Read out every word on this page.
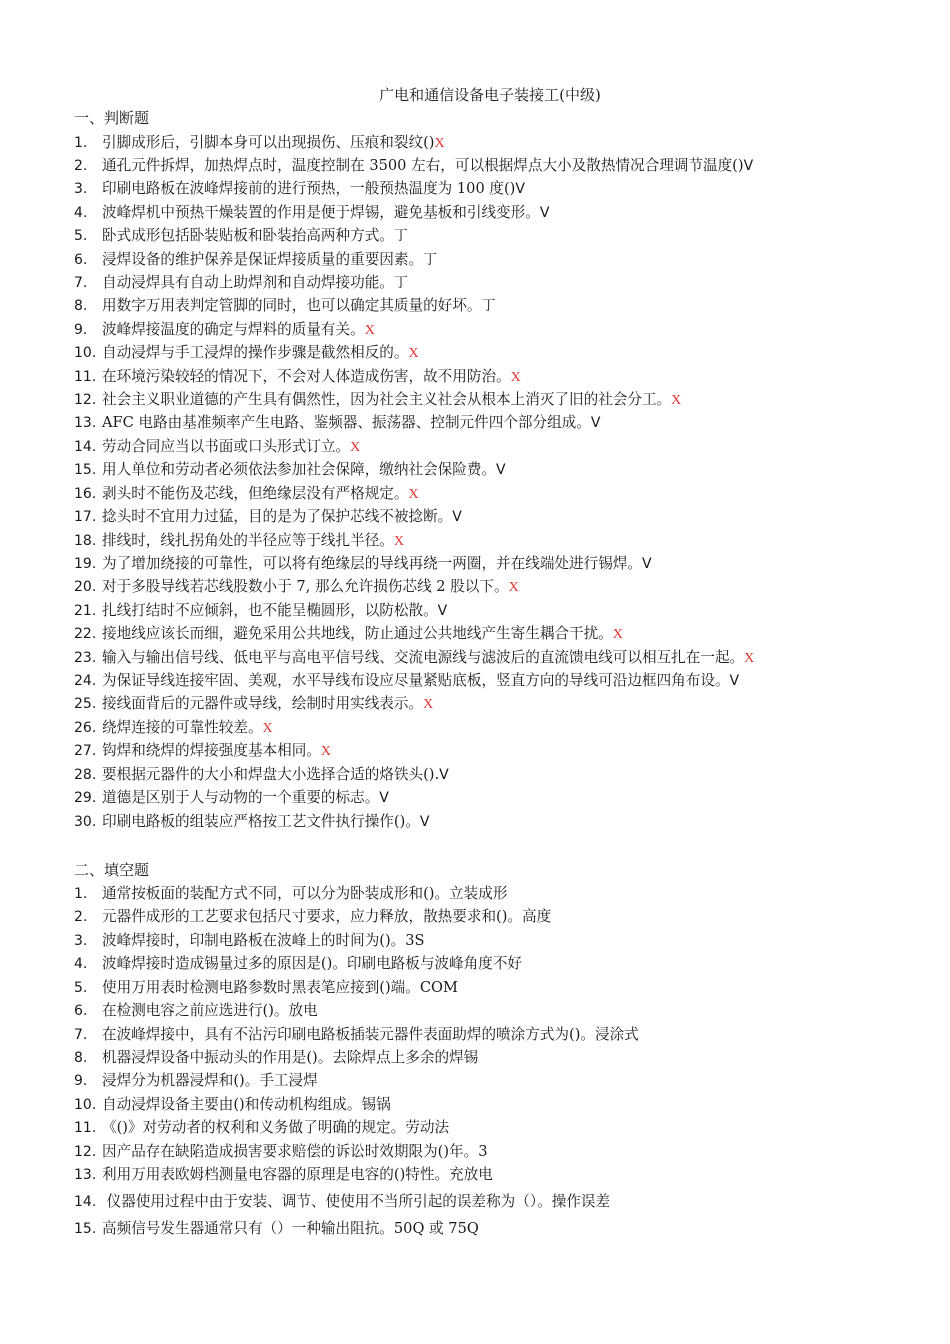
广电和通信设备电子装接工(中级)
一、判断题
1. 引脚成形后，引脚本身可以出现损伤、压痕和裂纹()X
2. 通孔元件拆焊，加热焊点时，温度控制在 3500 左右，可以根据焊点大小及散热情况合理调节温度()V
3. 印刷电路板在波峰焊接前的进行预热，一般预热温度为 100 度()V
4. 波峰焊机中预热干燥装置的作用是便于焊锡，避免基板和引线变形。V
5. 卧式成形包括卧装贴板和卧装抬高两种方式。丁
6. 浸焊设备的维护保养是保证焊接质量的重要因素。丁
7. 自动浸焊具有自动上助焊剂和自动焊接功能。丁
8. 用数字万用表判定管脚的同时，也可以确定其质量的好坏。丁
9. 波峰焊接温度的确定与焊料的质量有关。X
10. 自动浸焊与手工浸焊的操作步骤是截然相反的。X
11. 在环境污染较轻的情况下，不会对人体造成伤害，故不用防治。X
12. 社会主义职业道德的产生具有偶然性，因为社会主义社会从根本上消灭了旧的社会分工。X
13. AFC 电路由基准频率产生电路、鉴频器、振荡器、控制元件四个部分组成。V
14. 劳动合同应当以书面或口头形式订立。X
15. 用人单位和劳动者必须依法参加社会保障，缴纳社会保险费。V
16. 剥头时不能伤及芯线，但绝缘层没有严格规定。X
17. 捻头时不宜用力过猛，目的是为了保护芯线不被捻断。V
18. 排线时，线扎拐角处的半径应等于线扎半径。X
19. 为了增加绕接的可靠性，可以将有绝缘层的导线再绕一两圈，并在线端处进行锡焊。V
20. 对于多股导线若芯线股数小于 7, 那么允许损伤芯线 2 股以下。X
21. 扎线打结时不应倾斜，也不能呈椭圆形，以防松散。V
22. 接地线应该长而细，避免采用公共地线，防止通过公共地线产生寄生耦合干扰。X
23. 输入与输出信号线、低电平与高电平信号线、交流电源线与滤波后的直流馈电线可以相互扎在一起。X
24. 为保证导线连接牢固、美观，水平导线布设应尽量紧贴底板，竖直方向的导线可沿边框四角布设。V
25. 接线面背后的元器件或导线，绘制时用实线表示。X
26. 绕焊连接的可靠性较差。X
27. 钩焊和绕焊的焊接强度基本相同。X
28. 要根据元器件的大小和焊盘大小选择合适的烙铁头().V
29. 道德是区别于人与动物的一个重要的标志。V
30. 印刷电路板的组装应严格按工艺文件执行操作()。V
二、填空题
1. 通常按板面的装配方式不同，可以分为卧装成形和()。立装成形
2. 元器件成形的工艺要求包括尺寸要求，应力释放，散热要求和()。高度
3. 波峰焊接时，印制电路板在波峰上的时间为()。3S
4. 波峰焊接时造成锡量过多的原因是()。印刷电路板与波峰角度不好
5. 使用万用表时检测电路参数时黑表笔应接到()端。COM
6. 在检测电容之前应选进行()。放电
7. 在波峰焊接中，具有不沾污印刷电路板插装元器件表面助焊的喷涂方式为()。浸涂式
8. 机器浸焊设备中振动头的作用是()。去除焊点上多余的焊锡
9. 浸焊分为机器浸焊和()。手工浸焊
10. 自动浸焊设备主要由()和传动机构组成。锡锅
11. 《()》对劳动者的权利和义务做了明确的规定。劳动法
12. 因产品存在缺陷造成损害要求赔偿的诉讼时效期限为()年。3
13. 利用万用表欧姆档测量电容器的原理是电容的()特性。充放电
14. 仪器使用过程中由于安装、调节、使使用不当所引起的误差称为（）。操作误差
15. 高频信号发生器通常只有（）一种输出阻抗。50Q 或 75Q
